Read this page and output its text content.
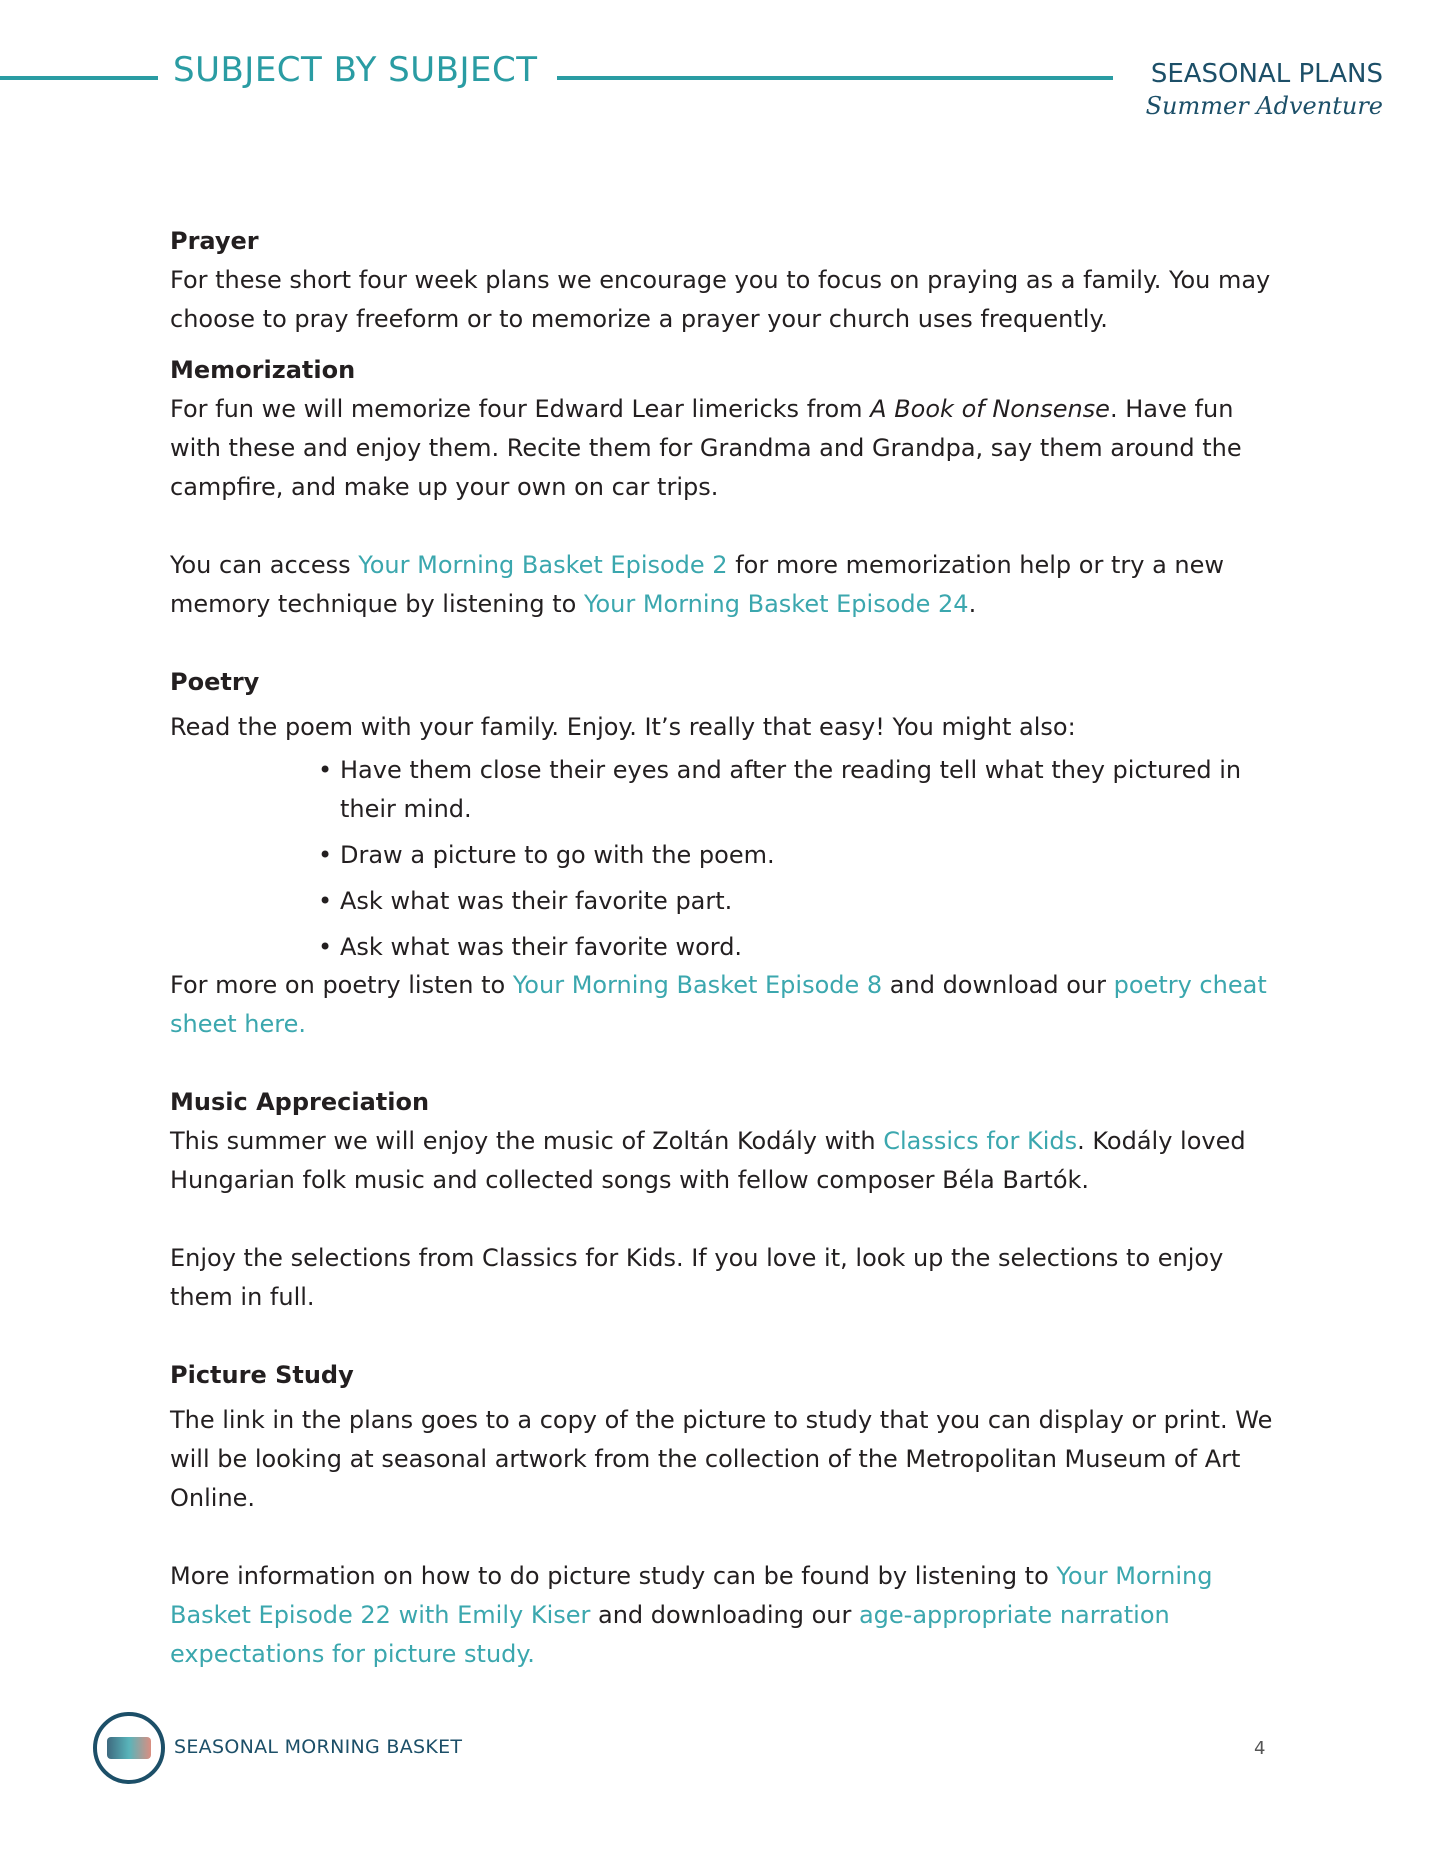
SUBJECT BY SUBJECT	SEASONAL PLANS
Summer Adventure

Prayer

For these short four week plans we encourage you to focus on praying as a family. You may choose to pray freeform or to memorize a prayer your church uses frequently.

Memorization

For fun we will memorize four Edward Lear limericks from A Book of Nonsense. Have fun with these and enjoy them. Recite them for Grandma and Grandpa, say them around the campfire, and make up your own on car trips.

You can access Your Morning Basket Episode 2 for more memorization help or try a new memory technique by listening to Your Morning Basket Episode 24.

Poetry

Read the poem with your family. Enjoy. It’s really that easy! You might also:

• Have them close their eyes and after the reading tell what they pictured in their mind.
• Draw a picture to go with the poem.
• Ask what was their favorite part.
• Ask what was their favorite word.

For more on poetry listen to Your Morning Basket Episode 8 and download our poetry cheat sheet here.

Music Appreciation

This summer we will enjoy the music of Zoltán Kodály with Classics for Kids. Kodály loved Hungarian folk music and collected songs with fellow composer Béla Bartók.

Enjoy the selections from Classics for Kids. If you love it, look up the selections to enjoy them in full.

Picture Study

The link in the plans goes to a copy of the picture to study that you can display or print. We will be looking at seasonal artwork from the collection of the Metropolitan Museum of Art Online.

More information on how to do picture study can be found by listening to Your Morning Basket Episode 22 with Emily Kiser and downloading our age-appropriate narration expectations for picture study.

SEASONAL MORNING BASKET	4
